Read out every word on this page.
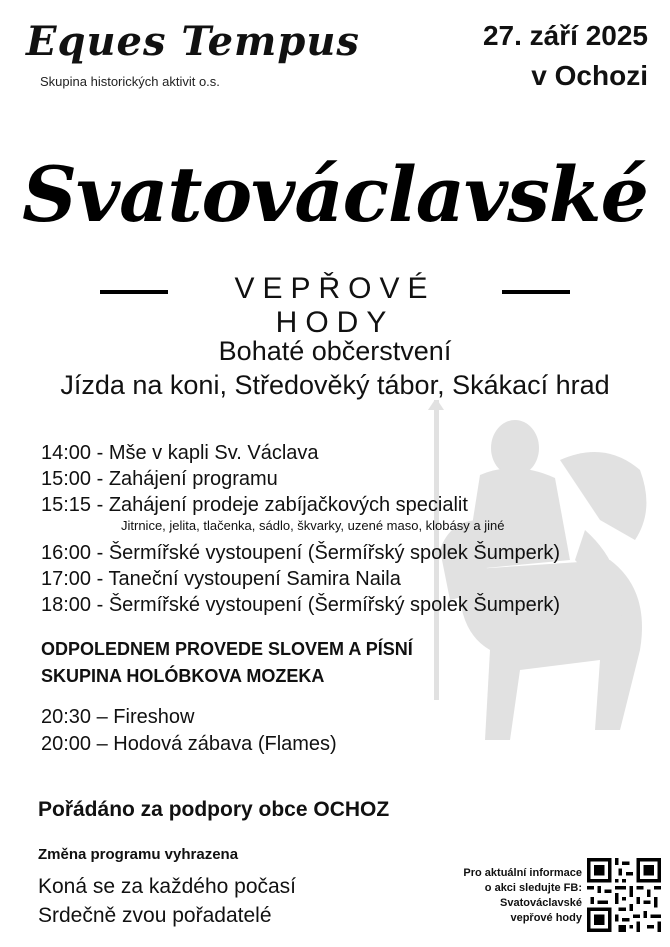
Eques Tempus
Skupina historických aktivit o.s.
27. září 2025
v Ochozi
Svatováclavské
VEPŘOVÉ HODY
Bohaté občerstvení
Jízda na koni, Středověký tábor, Skákací hrad
14:00 - Mše v kapli Sv. Václava
15:00 - Zahájení programu
15:15 - Zahájení prodeje zabíjačkových specialit
Jitrnice, jelita, tlačenka, sádlo, škvarky, uzené maso, klobásy a jiné
16:00 - Šermířské vystoupení (Šermířský spolek Šumperk)
17:00 - Taneční vystoupení Samira Naila
18:00 - Šermířské vystoupení (Šermířský spolek Šumperk)
ODPOLEDNEM PROVEDE SLOVEM A PÍSNÍ
SKUPINA HOLÓBKOVA MOZEKA
20:30 – Fireshow
20:00 – Hodová zábava (Flames)
Pořádáno za podpory obce OCHOZ
Změna programu vyhrazena
Koná se za každého počasí
Srdečně zvou pořadatelé
Pro aktuální informace
o akci sledujte FB:
Svatováclavské
vepřové hody
